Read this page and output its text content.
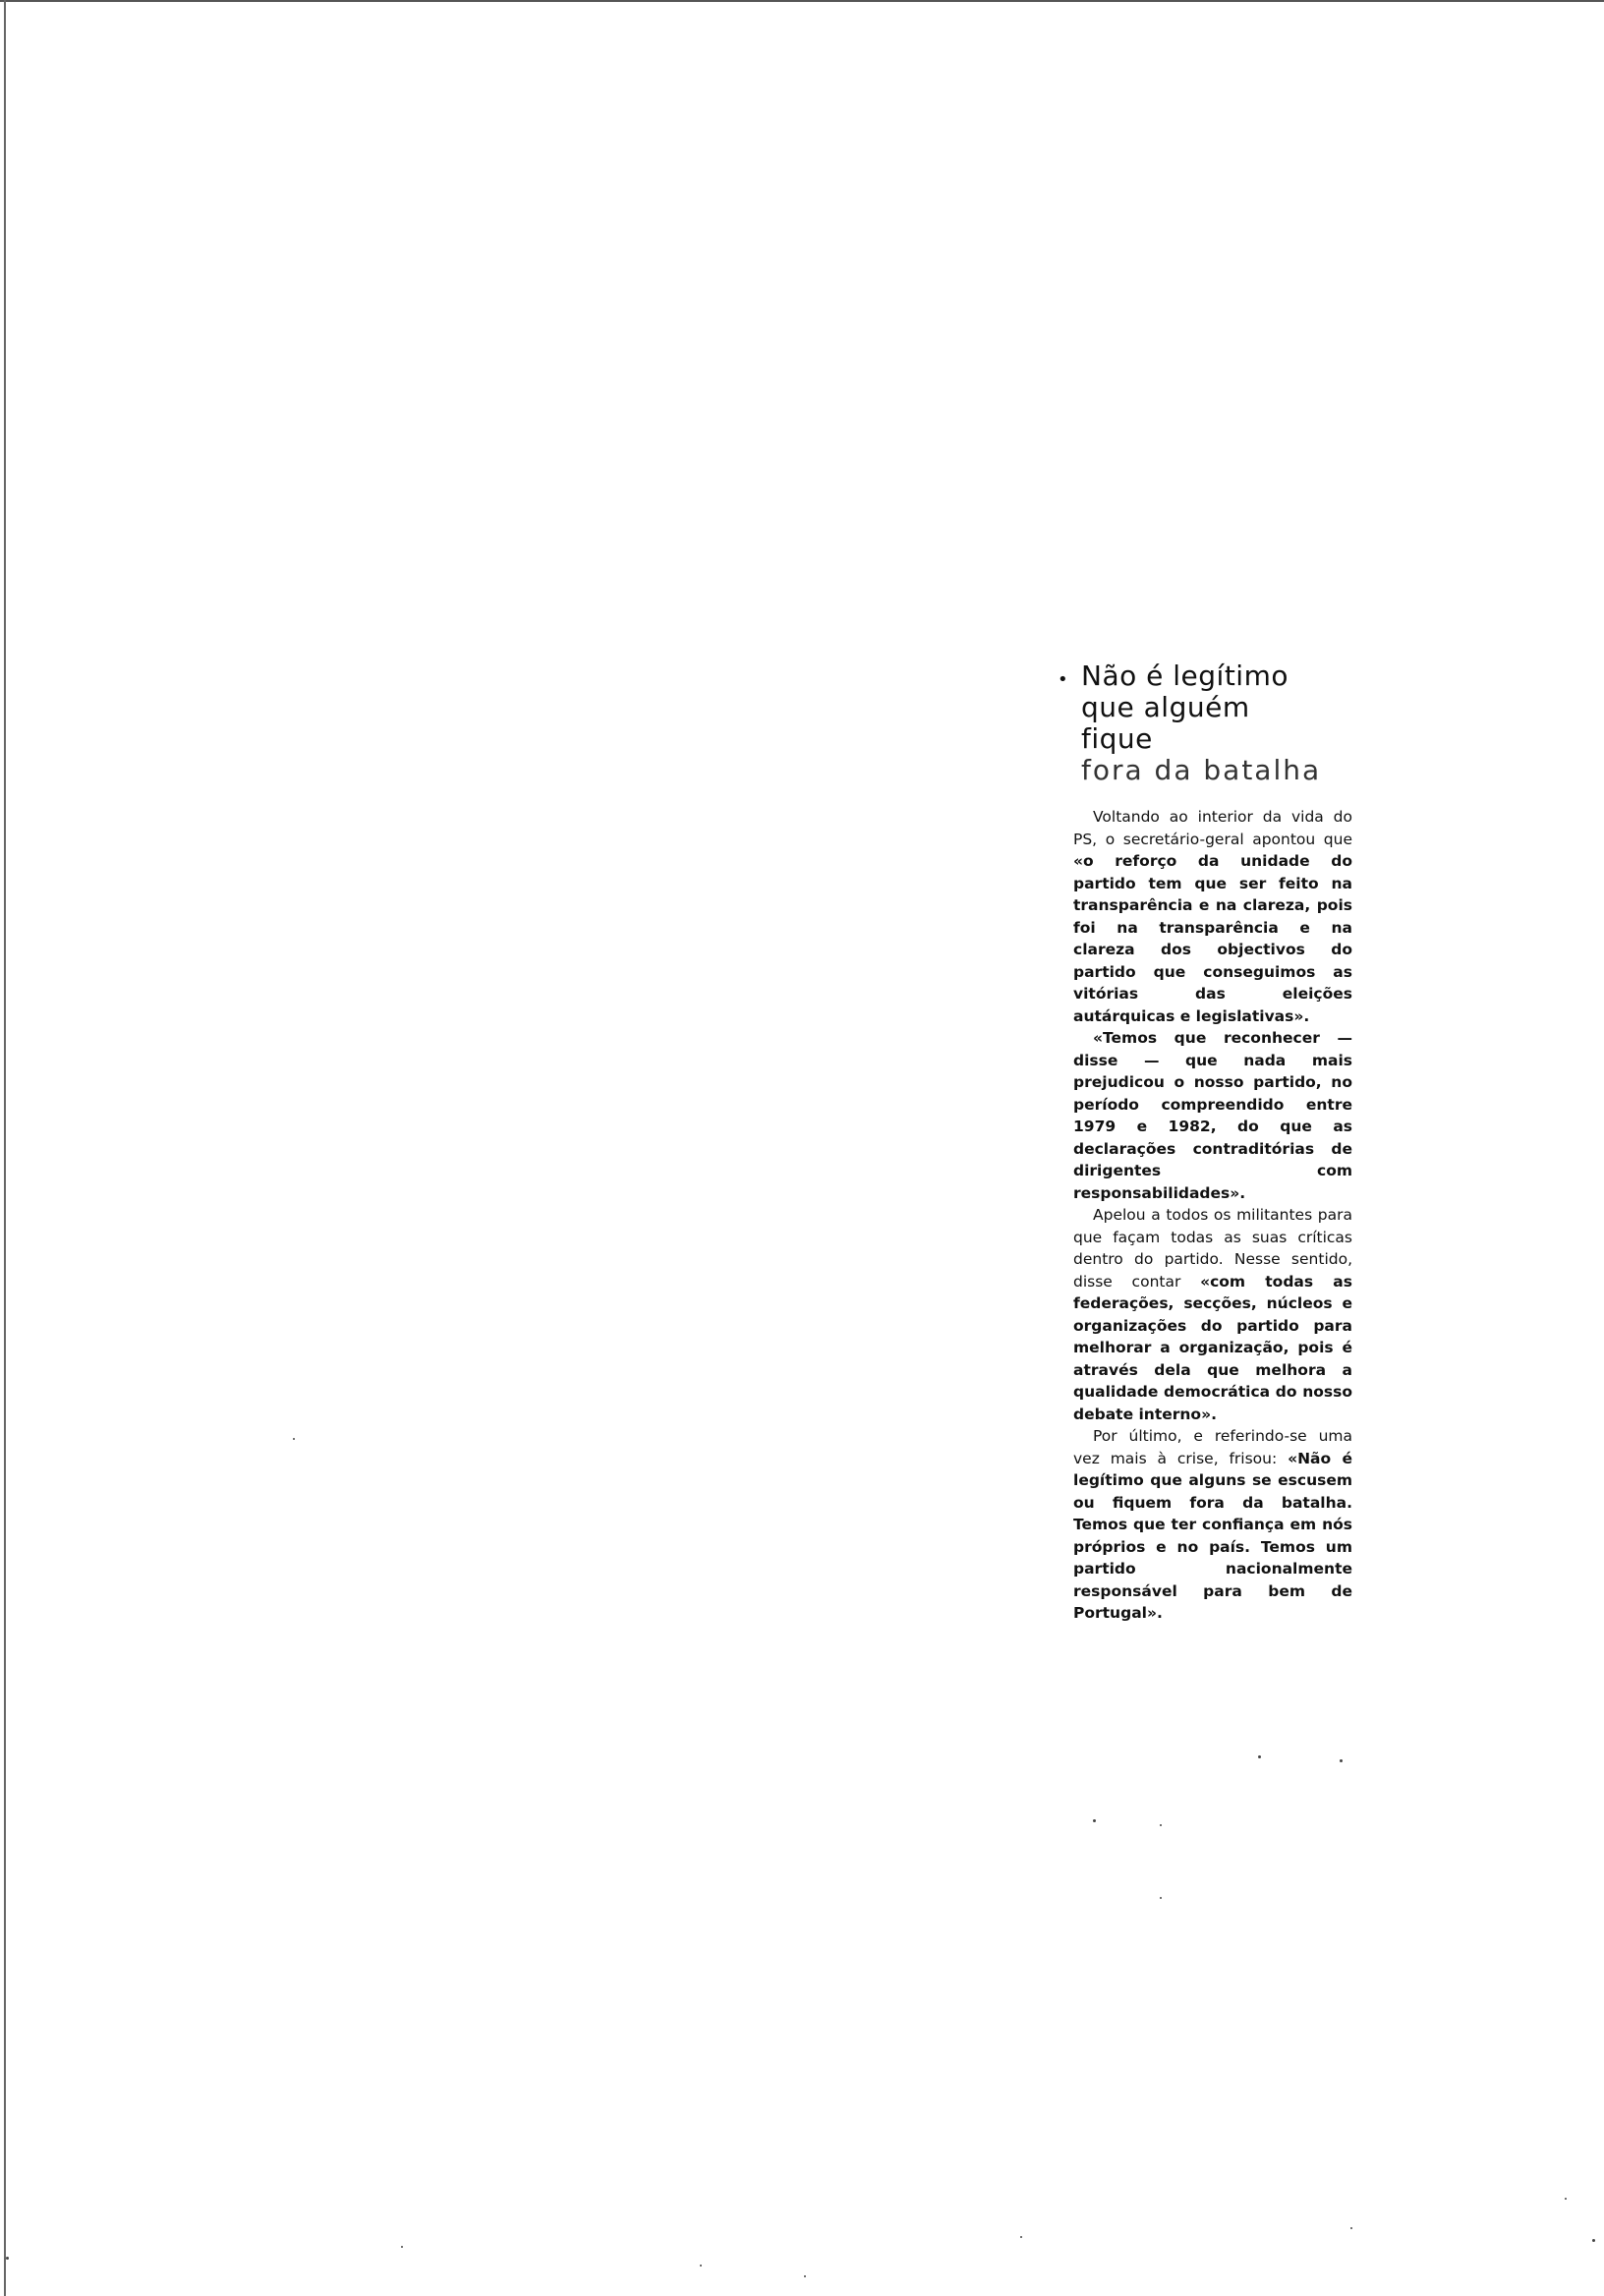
• Não é legítimo
que alguém
fique
fora da batalha

Voltando ao interior da vida do PS, o secretário-geral apontou que «o reforço da unidade do partido tem que ser feito na transparência e na clareza, pois foi na transparência e na clareza dos objectivos do partido que conseguimos as vitórias das eleições autárquicas e legislativas».

«Temos que reconhecer — disse — que nada mais prejudicou o nosso partido, no período compreendido entre 1979 e 1982, do que as declarações contraditórias de dirigentes com responsabilidades».

Apelou a todos os militantes para que façam todas as suas críticas dentro do partido. Nesse sentido, disse contar «com todas as federações, secções, núcleos e organizações do partido para melhorar a organização, pois é através dela que melhora a qualidade democrática do nosso debate interno».

Por último, e referindo-se uma vez mais à crise, frisou: «Não é legítimo que alguns se escusem ou fiquem fora da batalha. Temos que ter confiança em nós próprios e no país. Temos um partido nacionalmente responsável para bem de Portugal».
